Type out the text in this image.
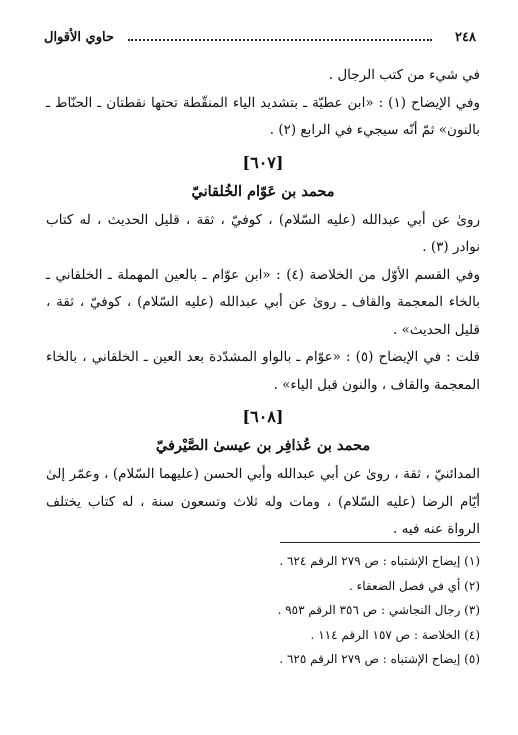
٢٤٨
حاوي الأقوال

في شيء من كتب الرجال .

وفي الإيضاح (١) : «ابن عطيّة ـ بتشديد الياء المنقّطة تحتها نقطتان ـ الحنّاط ـ بالنون» ثمّ أنّه سيجيء في الرابع (٢) .

[٦٠٧]
محمد بن عَوّام الخُلقانيّ

روىٰ عن أبي عبدالله (عليه السّلام) ، كوفيّ ، ثقة ، قليل الحديث ، له كتاب نوادر (٣) .

وفي القسم الأوّل من الخلاصة (٤) : «ابن عوّام ـ بالعين المهملة ـ الخلقاني ـ بالخاء المعجمة والقاف ـ روىٰ عن أبي عبدالله (عليه السّلام) ، كوفيّ ، ثقة ، قليل الحديث» .

قلت : في الإيضاح (٥) : «عوّام ـ بالواو المشدّدة بعد العين ـ الخلقاني ، بالخاء المعجمة والقاف ، والنون قبل الياء» .

[٦٠٨]
محمد بن عُذافِر بن عيسىٰ الصَّيْرفيّ

المدائنيّ ، ثقة ، روىٰ عن أبي عبدالله وأبي الحسن (عليهما السّلام) ، وعمّر إلىٰ أيّام الرضا (عليه السّلام) ، ومات وله ثلاث وتسعون سنة ، له كتاب يختلف الرواة عنه فيه .

(١) إيضاح الإشتباه : ص ٢٧٩ الرقم ٦٢٤ .
(٢) أي في فصل الضعفاء .
(٣) رجال النجاشي : ص ٣٥٦ الرقم ٩٥٣ .
(٤) الخلاصة : ص ١٥٧ الرقم ١١٤ .
(٥) إيضاح الإشتباه : ص ٢٧٩ الرقم ٦٢٥ .
